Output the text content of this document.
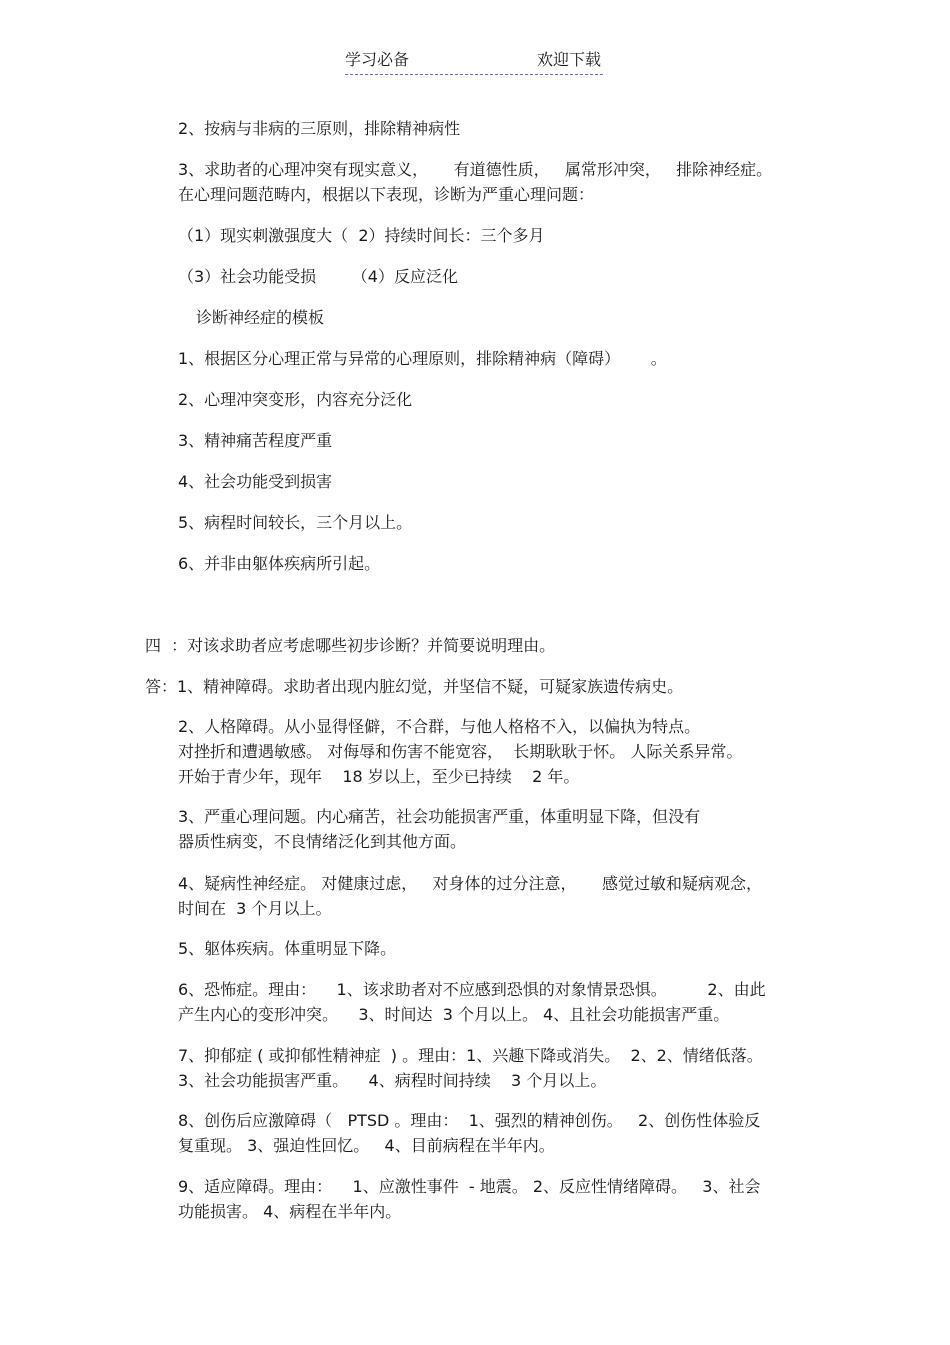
学习必备	欢迎下载
2、按病与非病的三原则，排除精神病性
3、求助者的心理冲突有现实意义，     有道德性质，   属常形冲突，   排除神经症。
在心理问题范畴内，根据以下表现，诊断为严重心理问题：
（1）现实刺激强度大（  2）持续时间长：三个多月
（3）社会功能受损       （4）反应泛化
诊断神经症的模板
1、根据区分心理正常与异常的心理原则，排除精神病（障碍）      。
2、心理冲突变形，内容充分泛化
3、精神痛苦程度严重
4、社会功能受到损害
5、病程时间较长，三个月以上。
6、并非由躯体疾病所引起。
四  ：对该求助者应考虑哪些初步诊断？并简要说明理由。
答：1、精神障碍。求助者出现内脏幻觉，并坚信不疑，可疑家族遗传病史。
2、人格障碍。从小显得怪僻，不合群，与他人格格不入，以偏执为特点。
对挫折和遭遇敏感。 对侮辱和伤害不能宽容，  长期耿耿于怀。 人际关系异常。
开始于青少年，现年    18 岁以上，至少已持续    2 年。
3、严重心理问题。内心痛苦，社会功能损害严重，体重明显下降，但没有
器质性病变，不良情绪泛化到其他方面。
4、疑病性神经症。 对健康过虑，   对身体的过分注意，     感觉过敏和疑病观念，
时间在  3 个月以上。
5、躯体疾病。体重明显下降。
6、恐怖症。理由：    1、该求助者对不应感到恐惧的对象情景恐惧。        2、由此
产生内心的变形冲突。    3、时间达  3 个月以上。 4、且社会功能损害严重。
7、抑郁症 ( 或抑郁性精神症  ) 。理由：1、兴趣下降或消失。  2、2、情绪低落。
3、社会功能损害严重。    4、病程时间持续    3 个月以上。
8、创伤后应激障碍（   PTSD 。理由：  1、强烈的精神创伤。   2、创伤性体验反
复重现。 3、强迫性回忆。   4、目前病程在半年内。
9、适应障碍。理由：    1、应激性事件  - 地震。 2、反应性情绪障碍。   3、社会
功能损害。 4、病程在半年内。
